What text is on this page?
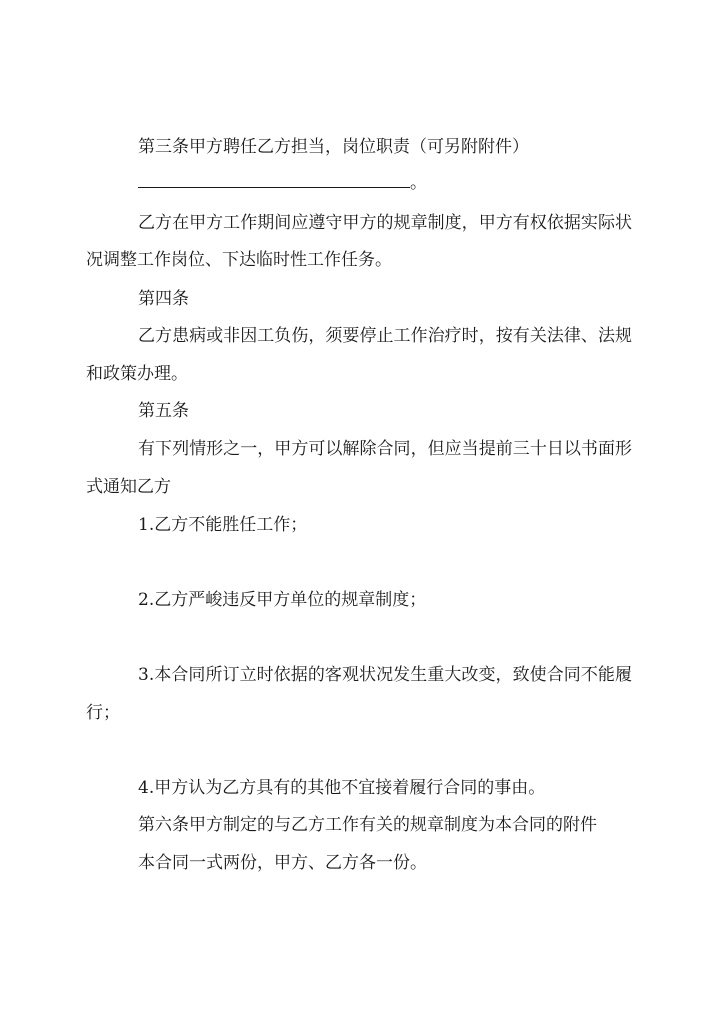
第三条甲方聘任乙方担当，岗位职责（可另附附件）
。
乙方在甲方工作期间应遵守甲方的规章制度，甲方有权依据实际状
况调整工作岗位、下达临时性工作任务。
第四条
乙方患病或非因工负伤，须要停止工作治疗时，按有关法律、法规
和政策办理。
第五条
有下列情形之一，甲方可以解除合同，但应当提前三十日以书面形
式通知乙方
1.乙方不能胜任工作；
2.乙方严峻违反甲方单位的规章制度；
3.本合同所订立时依据的客观状况发生重大改变，致使合同不能履
行；
4.甲方认为乙方具有的其他不宜接着履行合同的事由。
第六条甲方制定的与乙方工作有关的规章制度为本合同的附件
本合同一式两份，甲方、乙方各一份。
